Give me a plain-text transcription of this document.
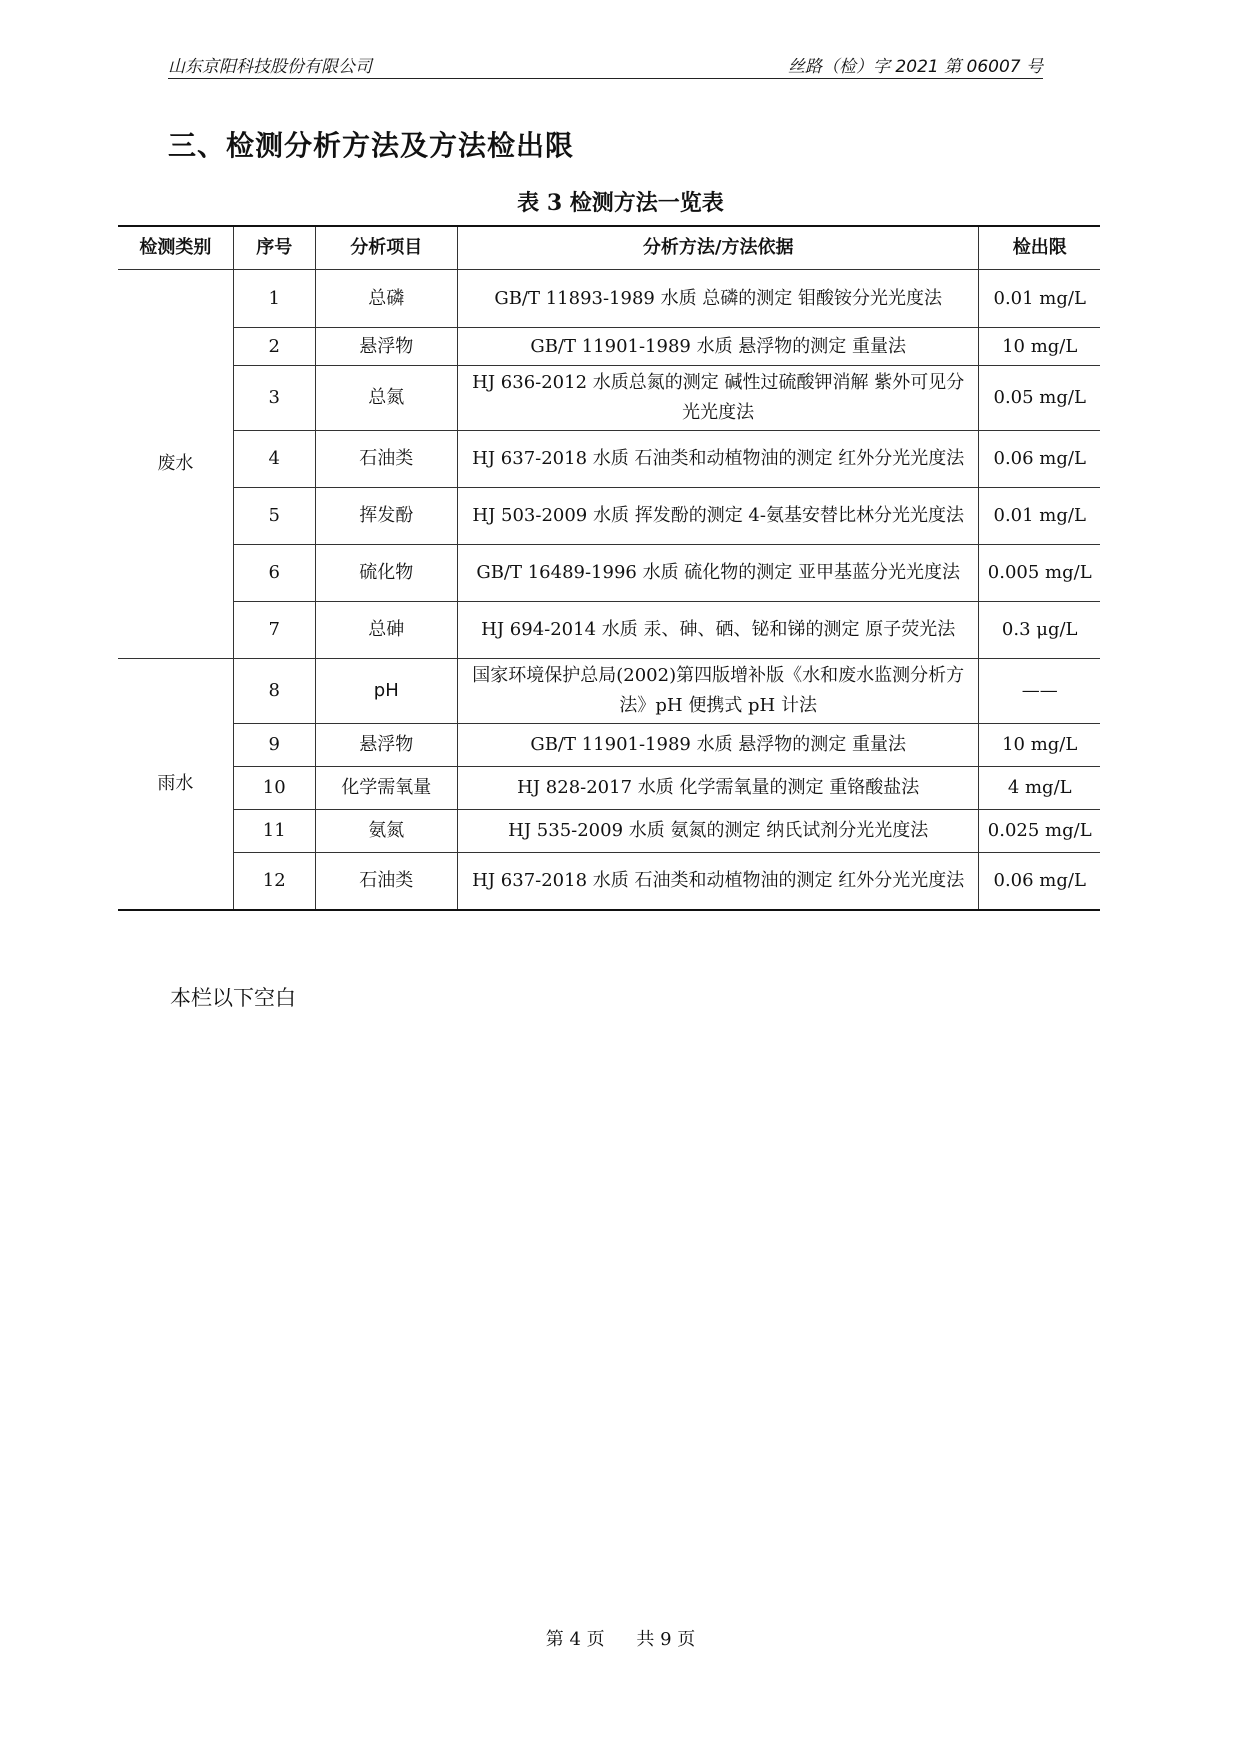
山东京阳科技股份有限公司	丝路（检）字 2021 第 06007 号
三、检测分析方法及方法检出限
表 3 检测方法一览表
检测类别	序号	分析项目	分析方法/方法依据	检出限
废水	1	总磷	GB/T 11893-1989 水质 总磷的测定 钼酸铵分光光度法	0.01 mg/L
	2	悬浮物	GB/T 11901-1989 水质 悬浮物的测定 重量法	10 mg/L
	3	总氮	HJ 636-2012 水质总氮的测定 碱性过硫酸钾消解 紫外可见分光光度法	0.05 mg/L
	4	石油类	HJ 637-2018 水质 石油类和动植物油的测定 红外分光光度法	0.06 mg/L
	5	挥发酚	HJ 503-2009 水质 挥发酚的测定 4-氨基安替比林分光光度法	0.01 mg/L
	6	硫化物	GB/T 16489-1996 水质 硫化物的测定 亚甲基蓝分光光度法	0.005 mg/L
	7	总砷	HJ 694-2014 水质 汞、砷、硒、铋和锑的测定 原子荧光法	0.3 μg/L
雨水	8	pH	国家环境保护总局(2002)第四版增补版《水和废水监测分析方法》pH 便携式 pH 计法	——
	9	悬浮物	GB/T 11901-1989 水质 悬浮物的测定 重量法	10 mg/L
	10	化学需氧量	HJ 828-2017 水质 化学需氧量的测定 重铬酸盐法	4 mg/L
	11	氨氮	HJ 535-2009 水质 氨氮的测定 纳氏试剂分光光度法	0.025 mg/L
	12	石油类	HJ 637-2018 水质 石油类和动植物油的测定 红外分光光度法	0.06 mg/L
本栏以下空白
第 4 页 共 9 页
